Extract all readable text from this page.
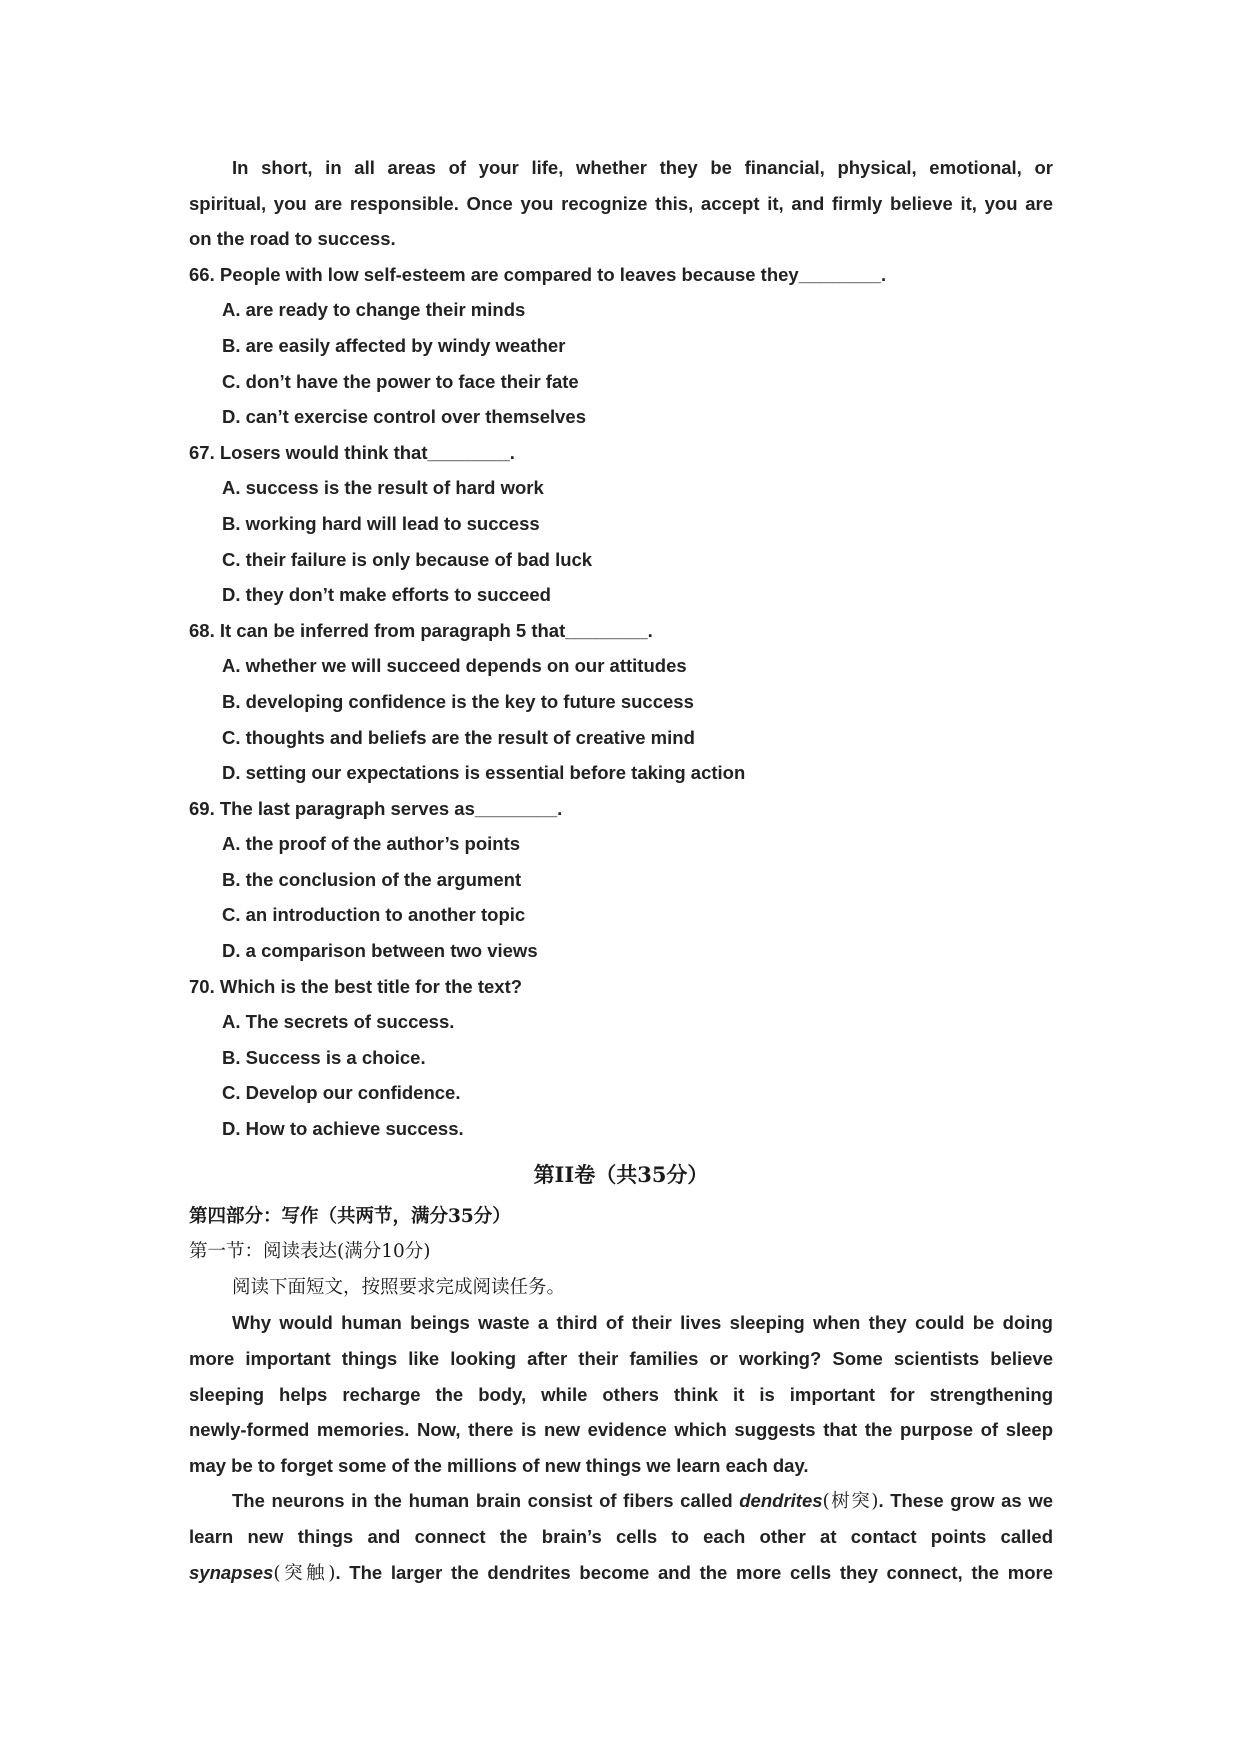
In short, in all areas of your life, whether they be financial, physical, emotional, or
spiritual, you are responsible. Once you recognize this, accept it, and firmly believe it, you are
on the road to success.
66. People with low self-esteem are compared to leaves because they________.
A. are ready to change their minds
B. are easily affected by windy weather
C. don’t have the power to face their fate
D. can’t exercise control over themselves
67. Losers would think that________.
A. success is the result of hard work
B. working hard will lead to success
C. their failure is only because of bad luck
D. they don’t make efforts to succeed
68. It can be inferred from paragraph 5 that________.
A. whether we will succeed depends on our attitudes
B. developing confidence is the key to future success
C. thoughts and beliefs are the result of creative mind
D. setting our expectations is essential before taking action
69. The last paragraph serves as________.
A. the proof of the author’s points
B. the conclusion of the argument
C. an introduction to another topic
D. a comparison between two views
70. Which is the best title for the text?
A. The secrets of success.
B. Success is a choice.
C. Develop our confidence.
D. How to achieve success.
第II卷（共35分）
第四部分：写作（共两节，满分35分）
第一节：阅读表达(满分10分)
阅读下面短文，按照要求完成阅读任务。
Why would human beings waste a third of their lives sleeping when they could be doing
more important things like looking after their families or working? Some scientists believe
sleeping helps recharge the body, while others think it is important for strengthening
newly-formed memories. Now, there is new evidence which suggests that the purpose of sleep
may be to forget some of the millions of new things we learn each day.
The neurons in the human brain consist of fibers called dendrites(树突). These grow as we
learn new things and connect the brain’s cells to each other at contact points called
synapses(突触). The larger the dendrites become and the more cells they connect, the more
